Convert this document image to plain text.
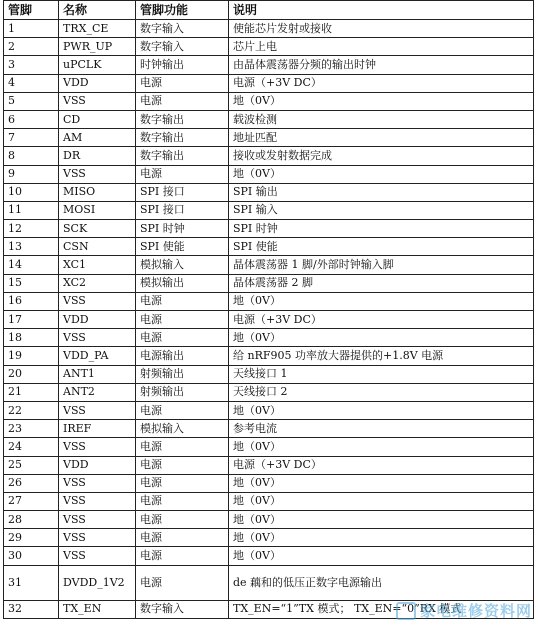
管脚	名称	管脚功能	说明
1	TRX_CE	数字输入	使能芯片发射或接收
2	PWR_UP	数字输入	芯片上电
3	uPCLK	时钟输出	由晶体震荡器分频的输出时钟
4	VDD	电源	电源（+3V DC）
5	VSS	电源	地（0V）
6	CD	数字输出	载波检测
7	AM	数字输出	地址匹配
8	DR	数字输出	接收或发射数据完成
9	VSS	电源	地（0V）
10	MISO	SPI 接口	SPI 输出
11	MOSI	SPI 接口	SPI 输入
12	SCK	SPI 时钟	SPI 时钟
13	CSN	SPI 使能	SPI 使能
14	XC1	模拟输入	晶体震荡器 1 脚/外部时钟输入脚
15	XC2	模拟输出	晶体震荡器 2 脚
16	VSS	电源	地（0V）
17	VDD	电源	电源（+3V DC）
18	VSS	电源	地（0V）
19	VDD_PA	电源输出	给 nRF905 功率放大器提供的+1.8V 电源
20	ANT1	射频输出	天线接口 1
21	ANT2	射频输出	天线接口 2
22	VSS	电源	地（0V）
23	IREF	模拟输入	参考电流
24	VSS	电源	地（0V）
25	VDD	电源	电源（+3V DC）
26	VSS	电源	地（0V）
27	VSS	电源	地（0V）
28	VSS	电源	地（0V）
29	VSS	电源	地（0V）
30	VSS	电源	地（0V）
31	DVDD_1V2	电源	de 藕和的低压正数字电源输出
32	TX_EN	数字输入	TX_EN=“1”TX 模式； TX_EN=“0”RX 模式
家电维修资料网
